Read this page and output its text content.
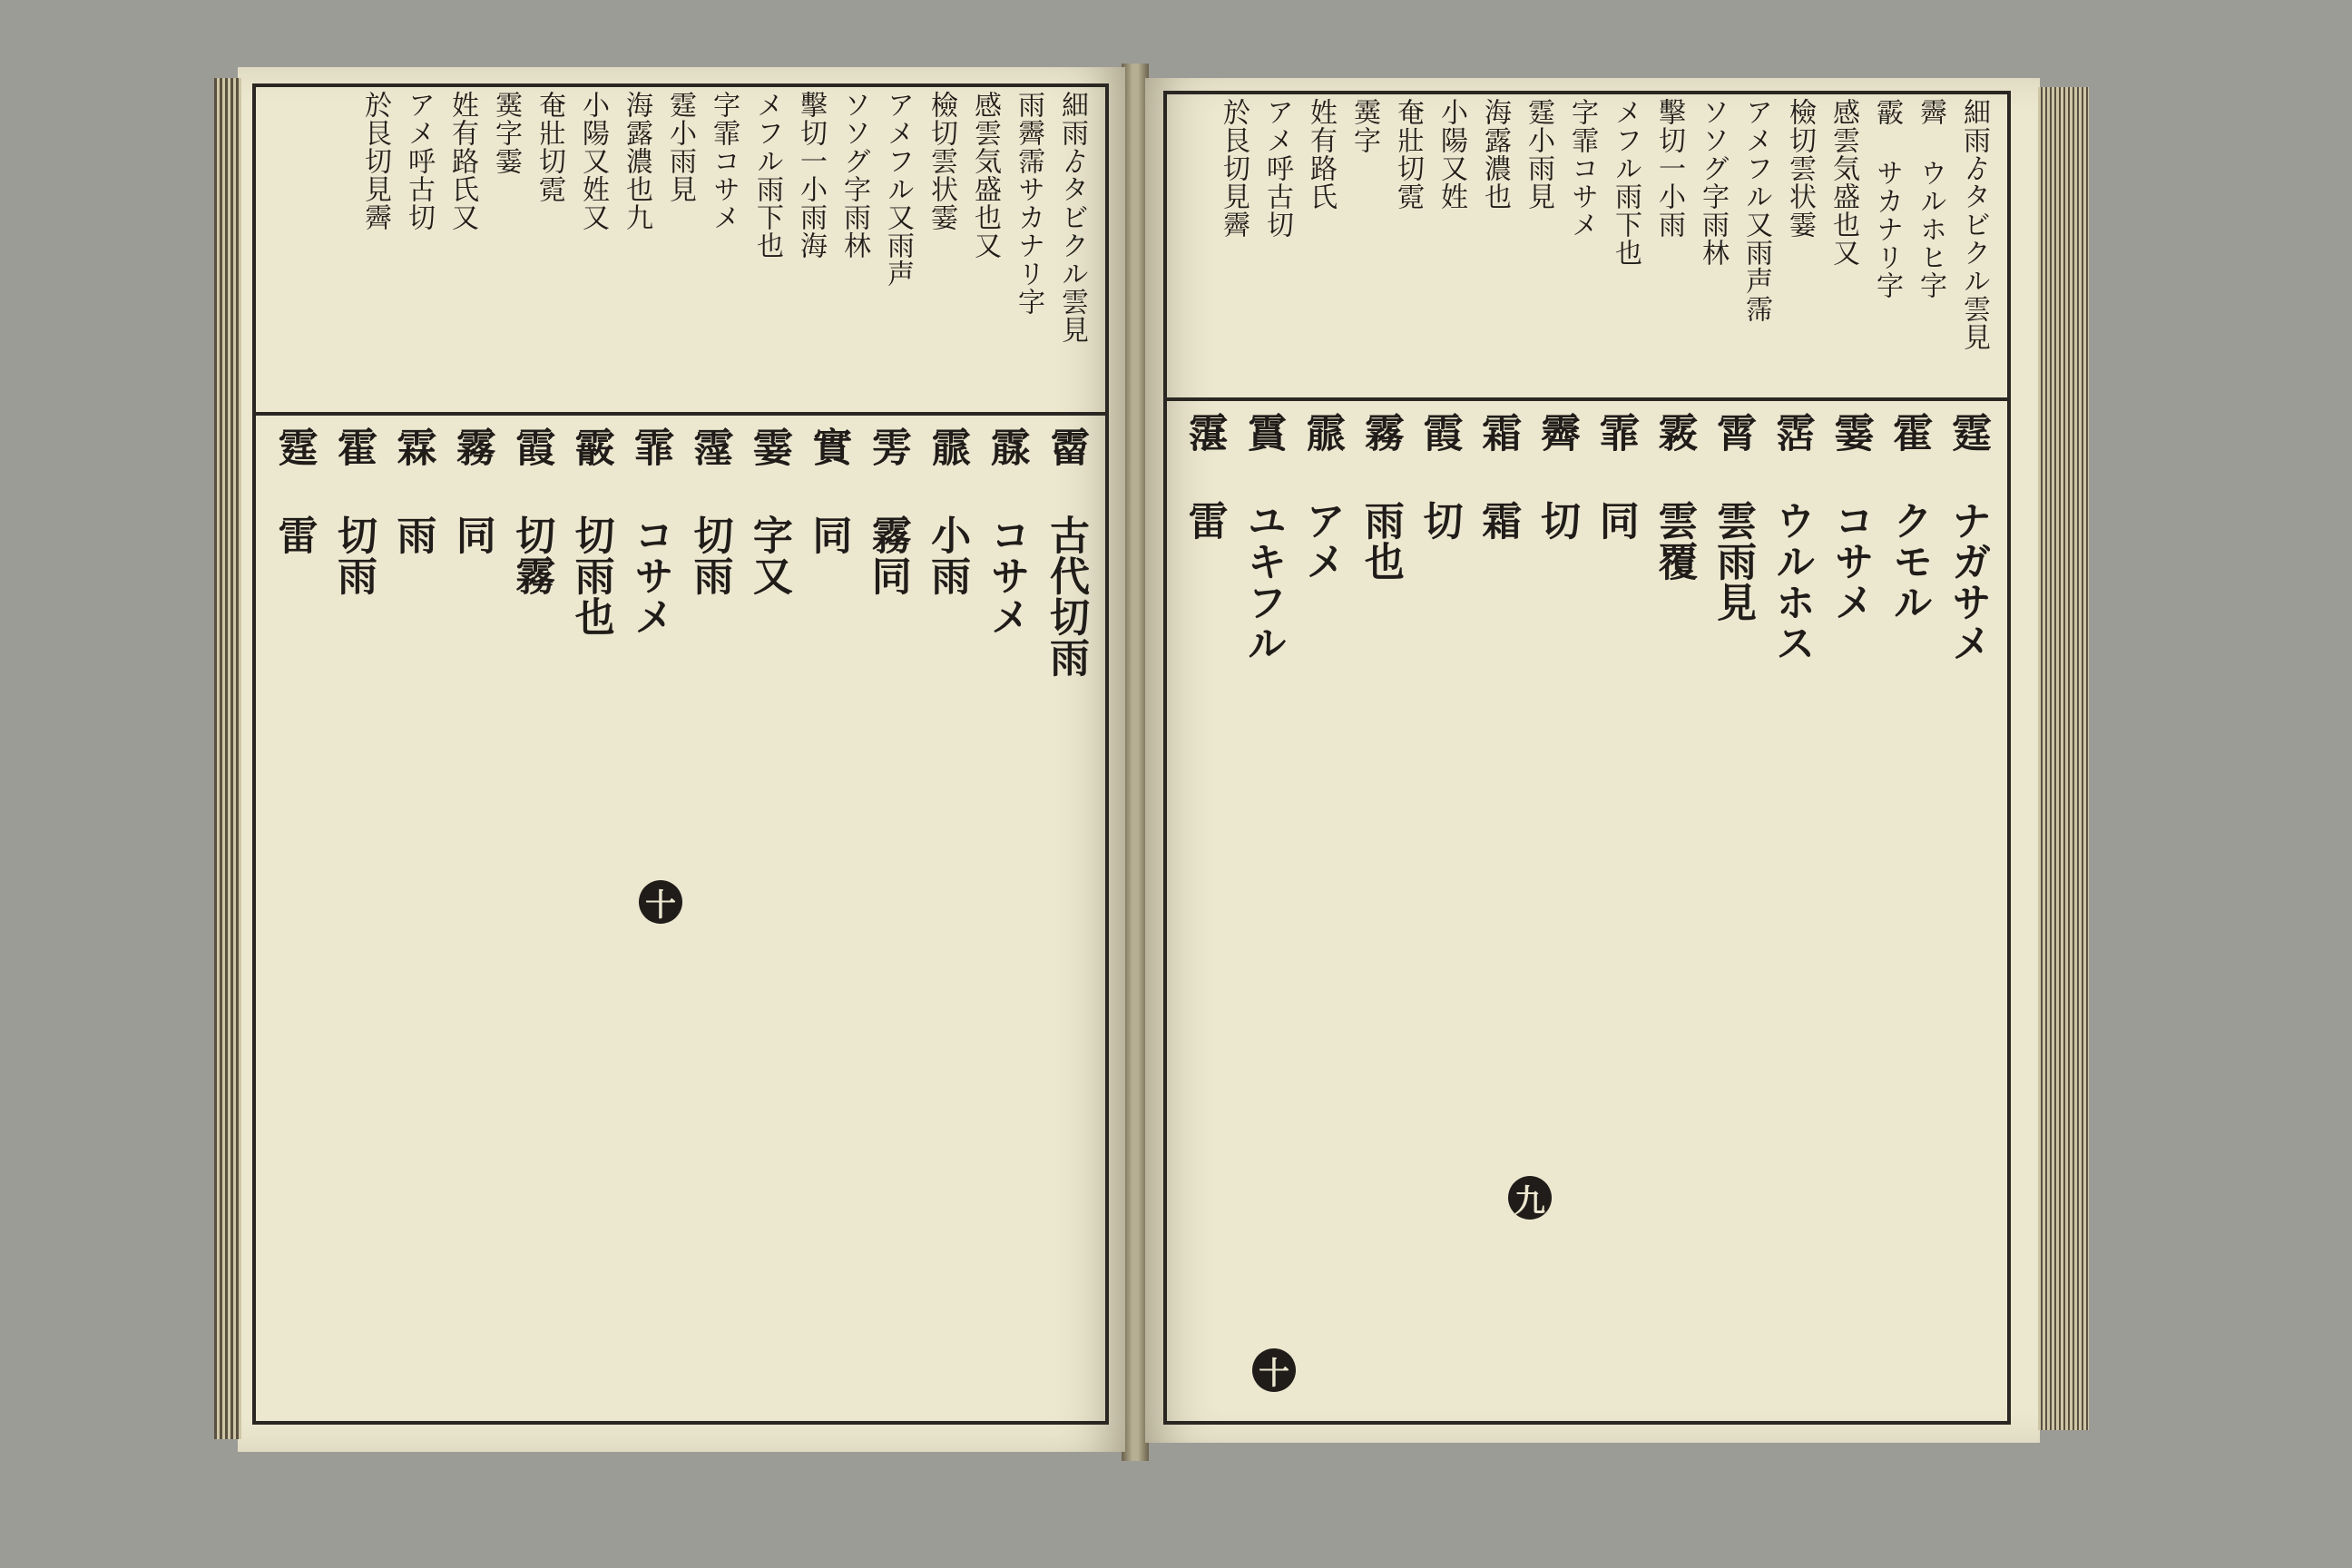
細雨ゟタビクル雲見
雨霽霈サカナリ字
感雲気盛也又
檢切雲状霎
アメフル又雨声
ソソグ字雨林
擊切一小雨海
メフル雨下也
字霏コサメ
霆小雨見
海露濃也九
小陽又姓又
奄壯切霓
霙字霎
姓有路氏又
アメ呼古切
於艮切見霽
霤 古代切雨
霡 コサメ
霢 小雨
雱 霧同
實 同
霎 字又
霪 切雨
霏 コサメ
霰 切雨也
霞 切霧
霧 同
霖 雨
霍 切雨
霆 雷
十
細雨ゟタビクル雲見
霽 ウルホヒ字
霰 サカナリ字
感雲気盛也又
檢切雲状霎
アメフル又雨声霈
ソソグ字雨林
擊切一小雨
メフル雨下也
字霏コサメ
霆小雨見
海露濃也
小陽又姓
奄壯切霓
霙字
姓有路氏
アメ呼古切
於艮切見霽
霆 ナガサメ
霍 クモル
霎 コサメ
霑 ウルホス
霄 雲雨見
霚 雲覆
霏 同
霽 切
霜 霜
霞 切
霧 雨也
霢 アメ
霣 ユキフル
霮 雷
九
十
